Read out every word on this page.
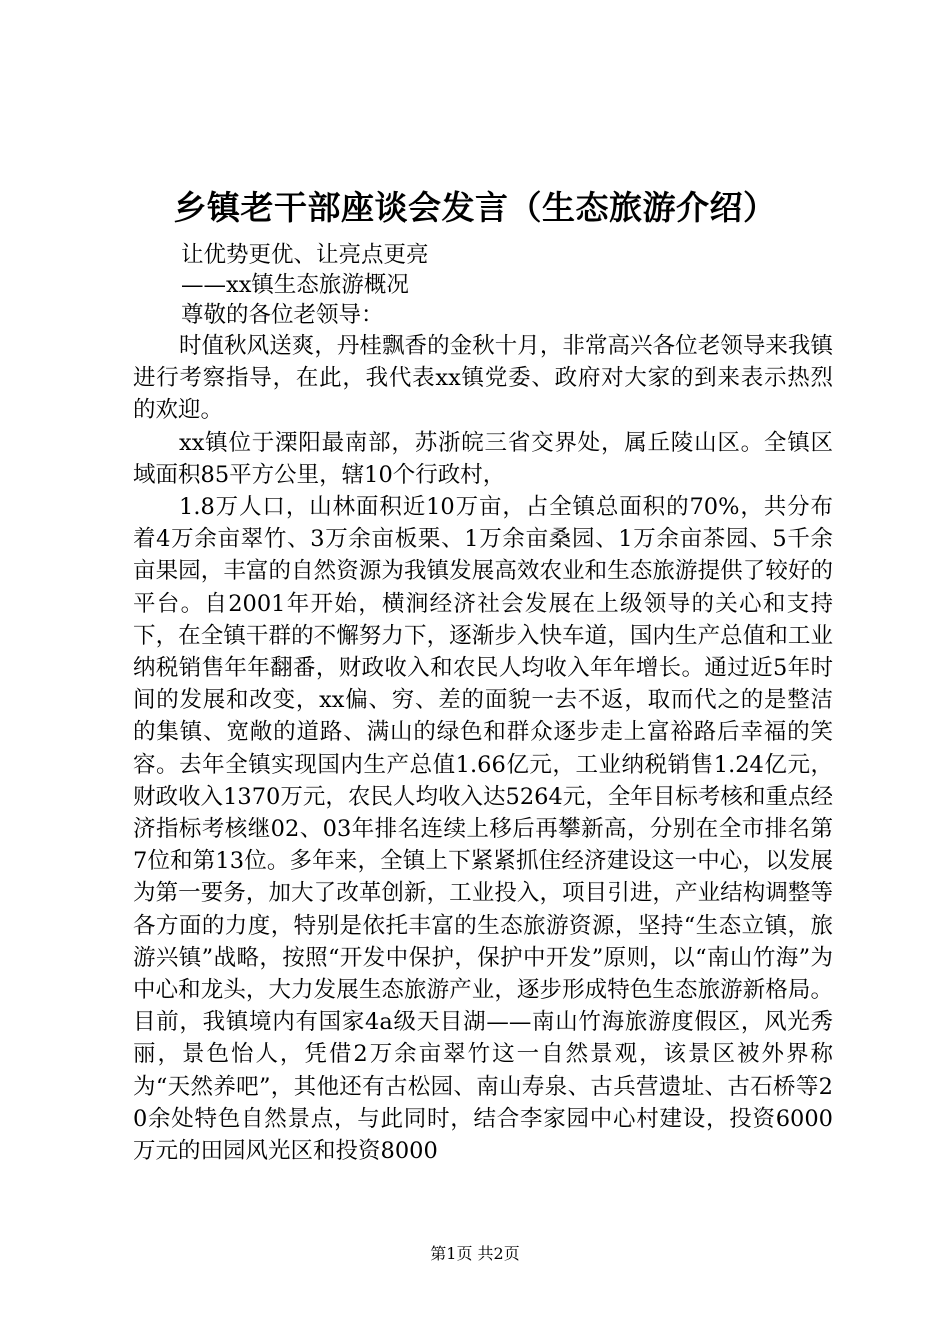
乡镇老干部座谈会发言（生态旅游介绍）
让优势更优、让亮点更亮
——xx镇生态旅游概况
尊敬的各位老领导：

时值秋风送爽，丹桂飘香的金秋十月，非常高兴各位老领导来我镇进行考察指导，在此，我代表xx镇党委、政府对大家的到来表示热烈的欢迎。

xx镇位于溧阳最南部，苏浙皖三省交界处，属丘陵山区。全镇区域面积85平方公里，辖10个行政村，

1.8万人口，山林面积近10万亩，占全镇总面积的70%，共分布着4万余亩翠竹、3万余亩板栗、1万余亩桑园、1万余亩茶园、5千余亩果园，丰富的自然资源为我镇发展高效农业和生态旅游提供了较好的平台。自2001年开始，横涧经济社会发展在上级领导的关心和支持下，在全镇干群的不懈努力下，逐渐步入快车道，国内生产总值和工业纳税销售年年翻番，财政收入和农民人均收入年年增长。通过近5年时间的发展和改变，xx偏、穷、差的面貌一去不返，取而代之的是整洁的集镇、宽敞的道路、满山的绿色和群众逐步走上富裕路后幸福的笑容。去年全镇实现国内生产总值1.66亿元，工业纳税销售1.24亿元，财政收入1370万元，农民人均收入达5264元，全年目标考核和重点经济指标考核继02、03年排名连续上移后再攀新高，分别在全市排名第7位和第13位。多年来，全镇上下紧紧抓住经济建设这一中心，以发展为第一要务，加大了改革创新，工业投入，项目引进，产业结构调整等各方面的力度，特别是依托丰富的生态旅游资源，坚持“生态立镇，旅游兴镇”战略，按照“开发中保护，保护中开发”原则，以“南山竹海”为中心和龙头，大力发展生态旅游产业，逐步形成特色生态旅游新格局。目前，我镇境内有国家4a级天目湖——南山竹海旅游度假区，风光秀丽，景色怡人，凭借2万余亩翠竹这一自然景观，该景区被外界称为“天然养吧”，其他还有古松园、南山寿泉、古兵营遗址、古石桥等20余处特色自然景点，与此同时，结合李家园中心村建设，投资6000万元的田园风光区和投资8000

第1页 共2页
